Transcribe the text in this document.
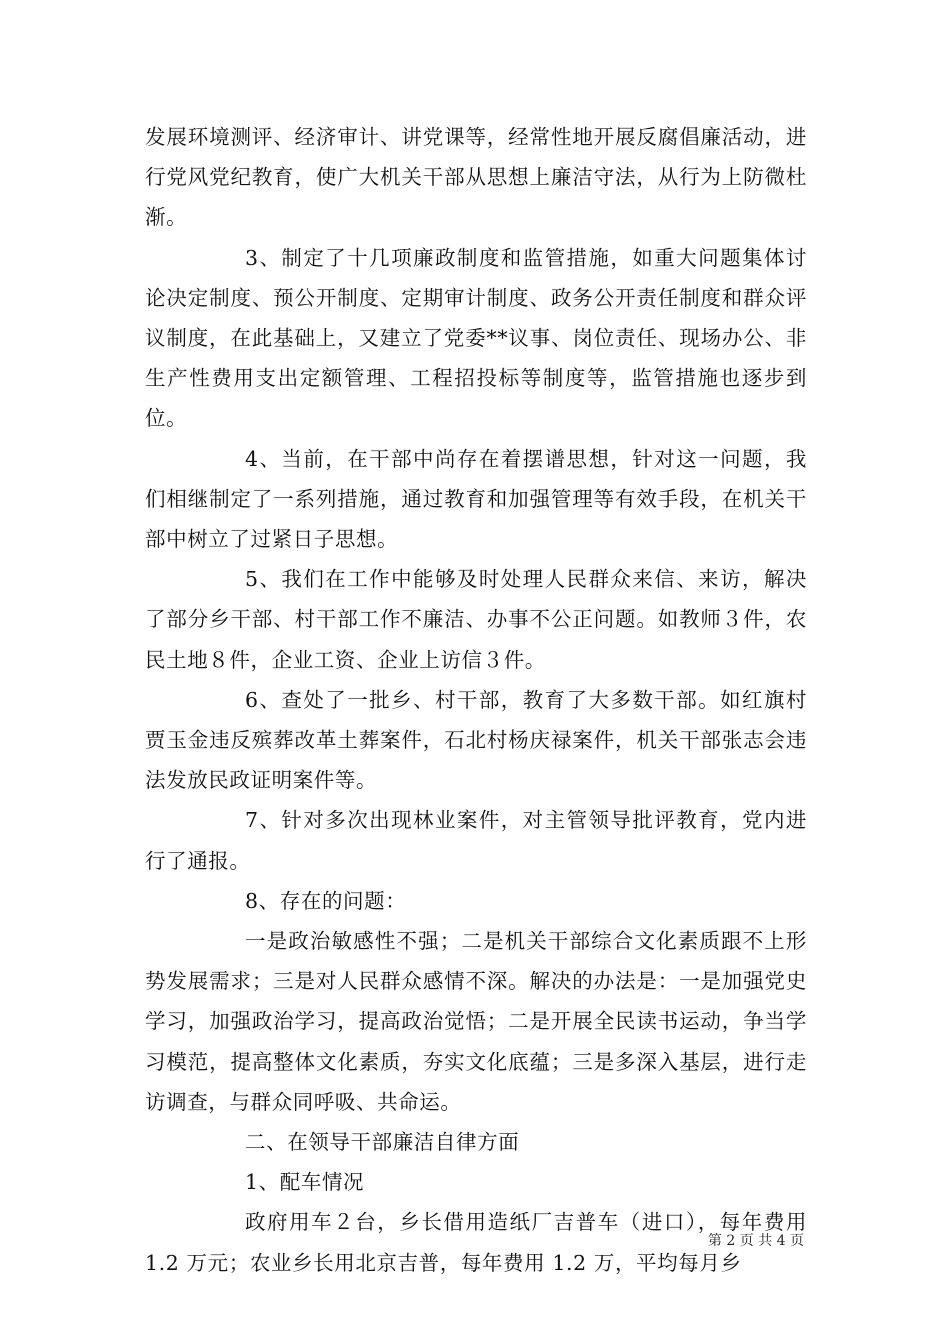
发展环境测评、经济审计、讲党课等，经常性地开展反腐倡廉活动，进行党风党纪教育，使广大机关干部从思想上廉洁守法，从行为上防微杜渐。

3、制定了十几项廉政制度和监管措施，如重大问题集体讨论决定制度、预公开制度、定期审计制度、政务公开责任制度和群众评议制度，在此基础上，又建立了党委**议事、岗位责任、现场办公、非生产性费用支出定额管理、工程招投标等制度等，监管措施也逐步到位。

4、当前，在干部中尚存在着摆谱思想，针对这一问题，我们相继制定了一系列措施，通过教育和加强管理等有效手段，在机关干部中树立了过紧日子思想。

5、我们在工作中能够及时处理人民群众来信、来访，解决了部分乡干部、村干部工作不廉洁、办事不公正问题。如教师３件，农民土地８件，企业工资、企业上访信３件。

6、查处了一批乡、村干部，教育了大多数干部。如红旗村贾玉金违反殡葬改革土葬案件，石北村杨庆禄案件，机关干部张志会违法发放民政证明案件等。

7、针对多次出现林业案件，对主管领导批评教育，党内进行了通报。

8、存在的问题：

一是政治敏感性不强；二是机关干部综合文化素质跟不上形势发展需求；三是对人民群众感情不深。解决的办法是：一是加强党史学习，加强政治学习，提高政治觉悟；二是开展全民读书运动，争当学习模范，提高整体文化素质，夯实文化底蕴；三是多深入基层，进行走访调查，与群众同呼吸、共命运。

二、在领导干部廉洁自律方面

1、配车情况

政府用车２台，乡长借用造纸厂吉普车（进口），每年费用 1.2 万元；农业乡长用北京吉普，每年费用 1.2 万，平均每月乡

第 2 页 共 4 页
